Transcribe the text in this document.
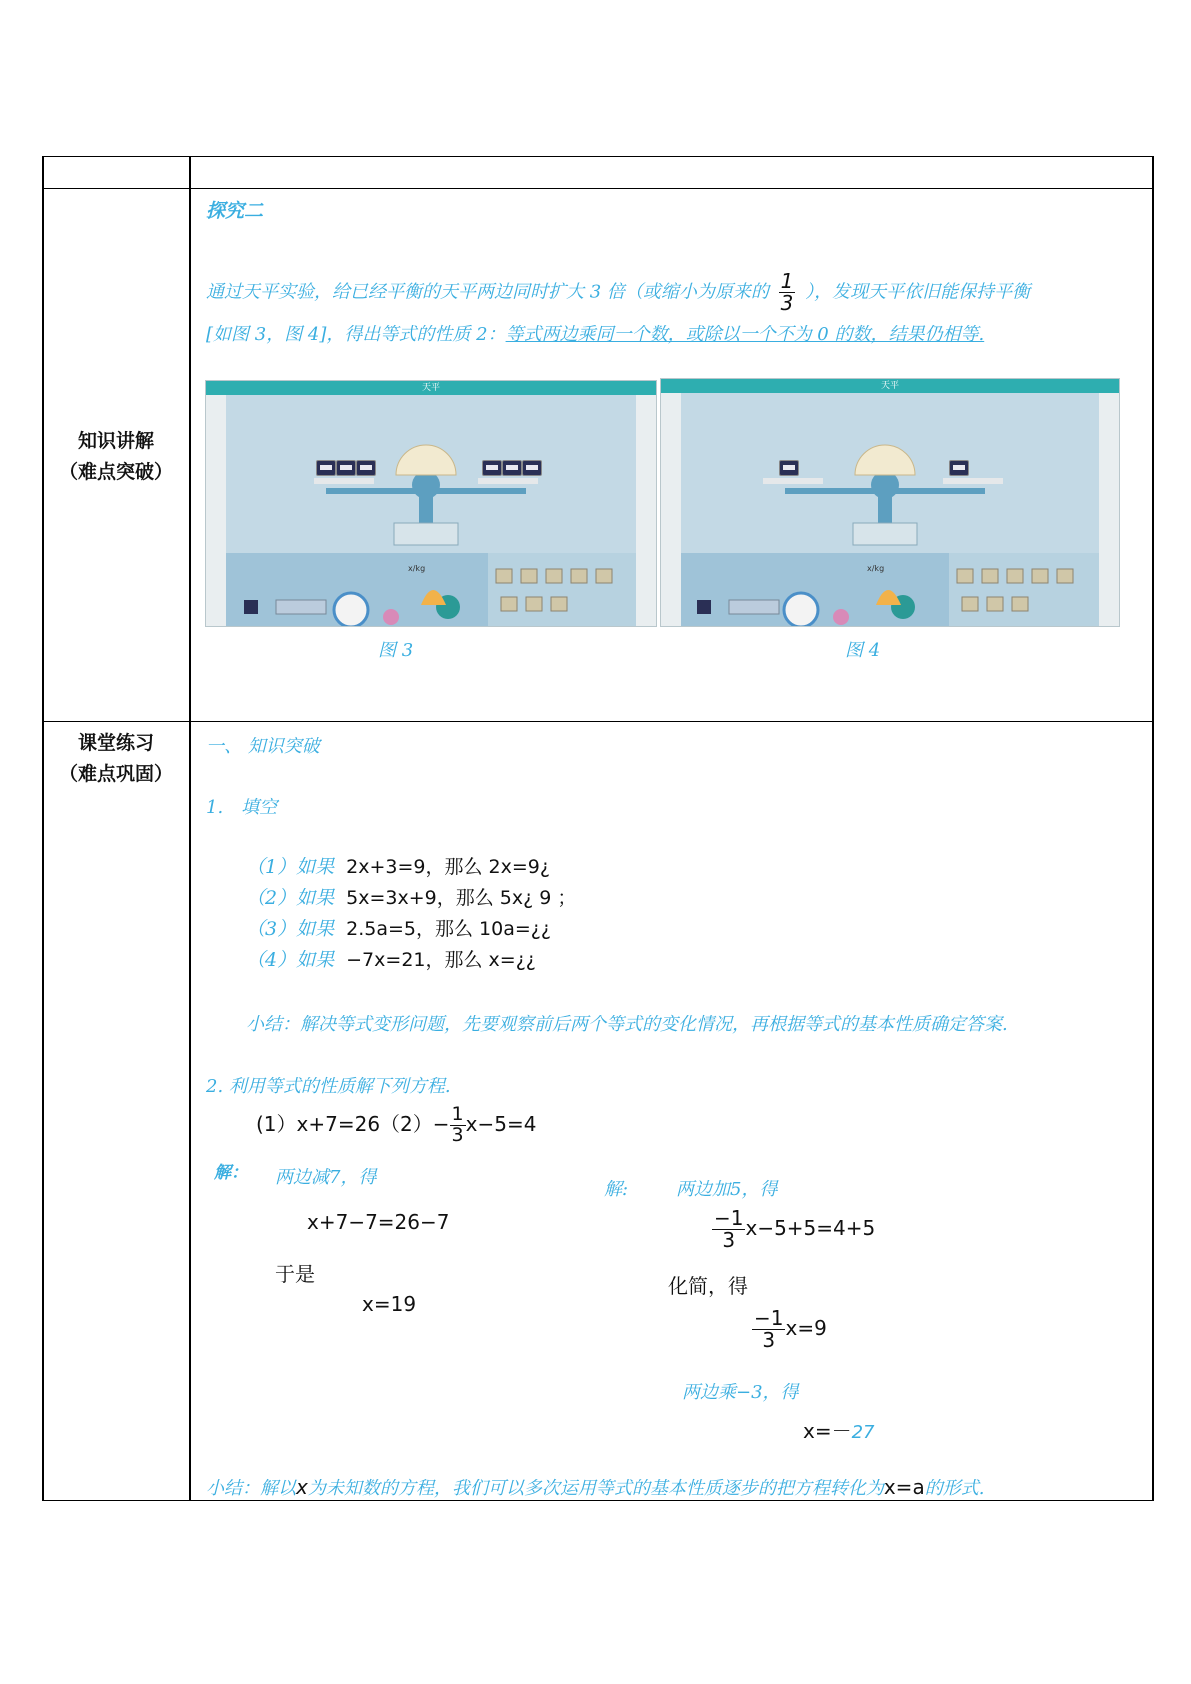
知识讲解
（难点突破）
课堂练习
（难点巩固）
探究二
通过天平实验，给已经平衡的天平两边同时扩大 3 倍（或缩小为原来的 $\frac{1}{3}$ ），发现天平依旧能保持平衡
[如图 3，图 4]，得出等式的性质 2：等式两边乘同一个数，或除以一个不为 0 的数，结果仍相等.
天平
x/kg
天平
x/kg
图 3	图 4
一、 知识突破
1.　填空
（1）如果 2x+3=9，那么 2x=9¿
（2）如果 5x=3x+9，那么 5x¿ 9 ；
（3）如果 2.5a=5，那么 10a=¿¿
（4）如果 −7x=21，那么 x=¿¿
小结：解决等式变形问题，先要观察前后两个等式的变化情况，再根据等式的基本性质确定答案.
2. 利用等式的性质解下列方程.
$(1)x+7=26(2)- \frac{1}{3} x-5=4$
解： 两边减7，得
x+7−7=26−7
于是
x=19
解:	两边加5，得
$\frac{-1}{3} x-5+5=4+5$
化简，得
$\frac{-1}{3} x=9$
两边乘−3，得
x=－27
小结：解以x为未知数的方程，我们可以多次运用等式的基本性质逐步的把方程转化为x=a的形式.
